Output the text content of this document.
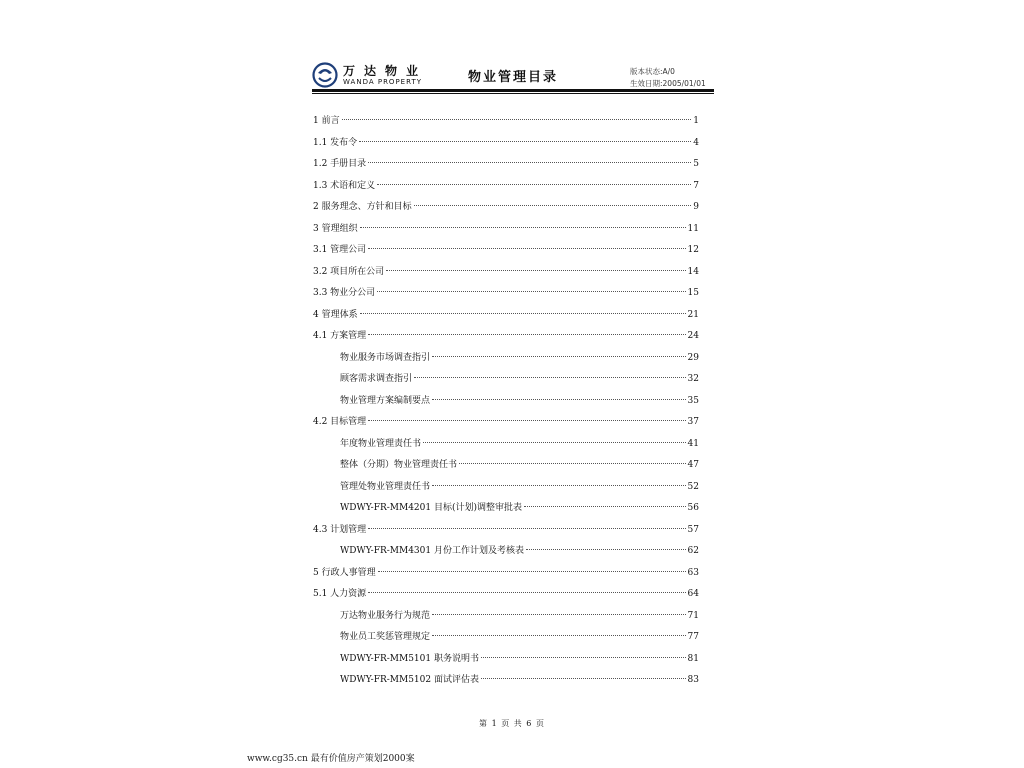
万达物业
WANDA PROPERTY	物业管理目录	版本状态:A/0
生效日期:2005/01/01
1 前言	1
1.1 发布令	4
1.2 手册目录	5
1.3 术语和定义	7
2 服务理念、方针和目标	9
3 管理组织	11
3.1 管理公司	12
3.2 项目所在公司	14
3.3 物业分公司	15
4 管理体系	21
4.1 方案管理	24
物业服务市场调查指引	29
顾客需求调查指引	32
物业管理方案编制要点	35
4.2 目标管理	37
年度物业管理责任书	41
整体（分期）物业管理责任书	47
管理处物业管理责任书	52
WDWY-FR-MM4201 目标(计划)调整审批表	56
4.3 计划管理	57
WDWY-FR-MM4301 月份工作计划及考核表	62
5 行政人事管理	63
5.1 人力资源	64
万达物业服务行为规范	71
物业员工奖惩管理规定	77
WDWY-FR-MM5101 职务说明书	81
WDWY-FR-MM5102 面试评估表	83
第 1 页 共 6 页
www.cg35.cn 最有价值房产策划2000案
